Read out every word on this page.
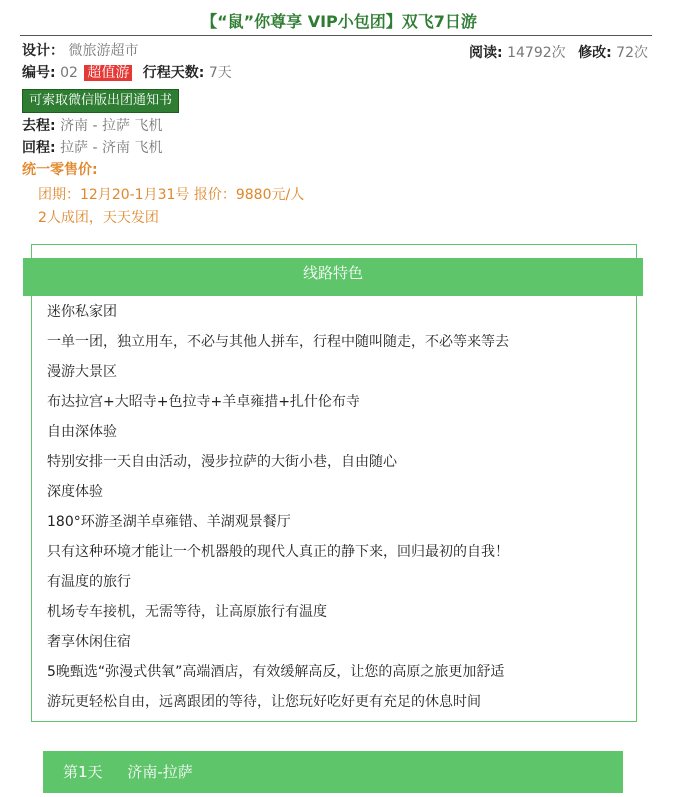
【“鼠”你尊享 VIP小包团】双飞7日游
设计： 微旅游超市	阅读: 14792次 修改: 72次
编号: 02 超值游 行程天数: 7天
可索取微信版出团通知书
去程: 济南 - 拉萨 飞机
回程: 拉萨 - 济南 飞机
统一零售价:
团期：12月20-1月31号 报价：9880元/人
2人成团，天天发团
线路特色
迷你私家团
一单一团，独立用车，不必与其他人拼车，行程中随叫随走，不必等来等去
漫游大景区
布达拉宫+大昭寺+色拉寺+羊卓雍措+扎什伦布寺
自由深体验
特别安排一天自由活动，漫步拉萨的大街小巷，自由随心
深度体验
180°环游圣湖羊卓雍错、羊湖观景餐厅
只有这种环境才能让一个机器般的现代人真正的静下来，回归最初的自我！
有温度的旅行
机场专车接机，无需等待，让高原旅行有温度
奢享休闲住宿
5晚甄选“弥漫式供氧”高端酒店，有效缓解高反，让您的高原之旅更加舒适
游玩更轻松自由，远离跟团的等待，让您玩好吃好更有充足的休息时间
第1天 济南-拉萨
